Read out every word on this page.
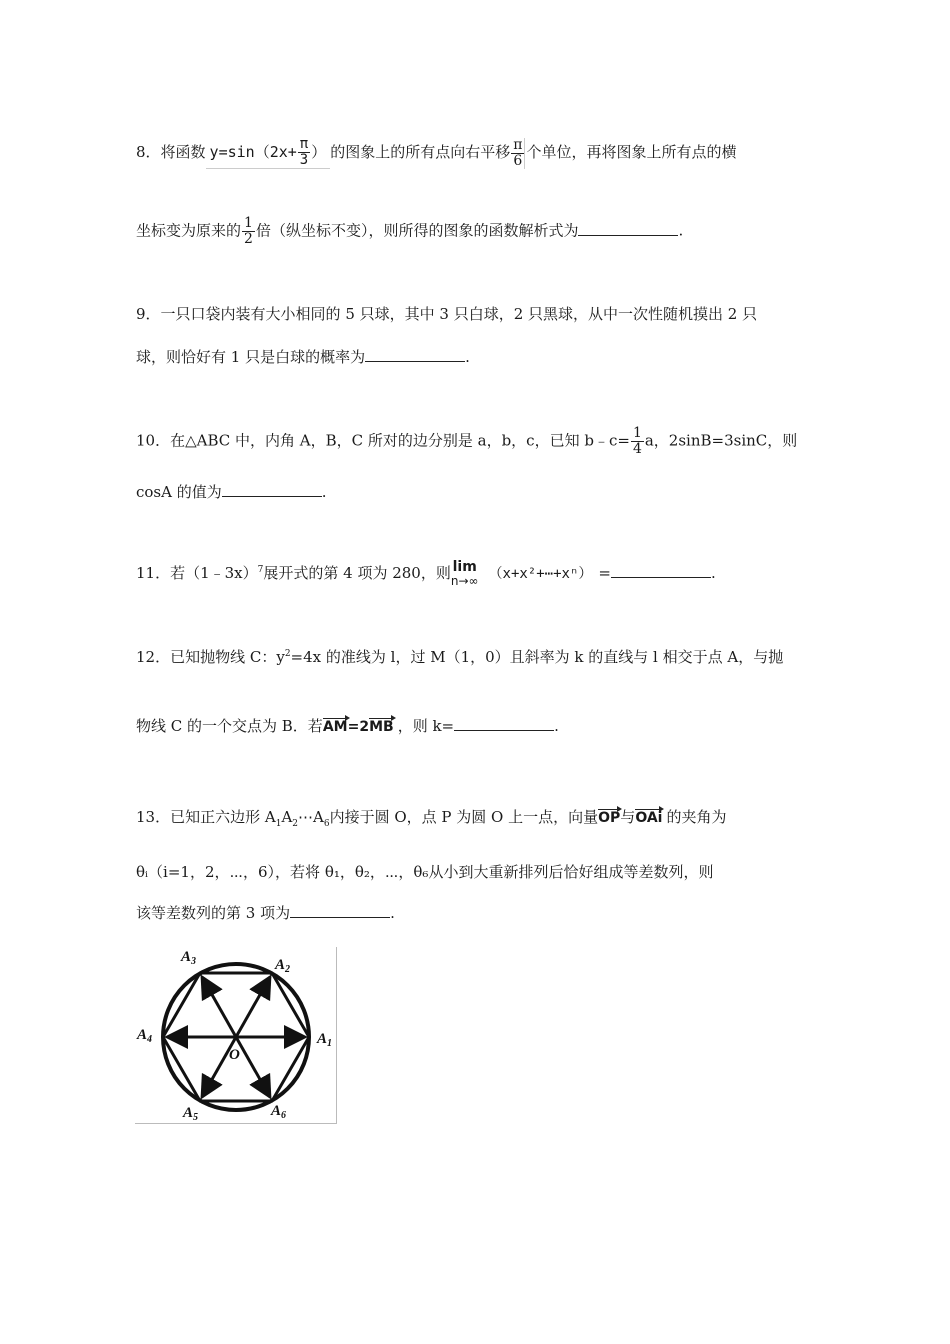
8．将函数 $y=\sin(2x+ \frac{\pi}{3}$ ） 的图象上的所有点向右平移 $\frac{\pi}{6}$ 个单位，再将图象上所有点的横
坐标变为原来的 $\frac{1}{2}$ 倍（纵坐标不变），则所得的图象的函数解析式为	.
9．一只口袋内装有大小相同的 5 只球，其中 3 只白球，2 只黑球，从中一次性随机摸出 2 只
球，则恰好有 1 只是白球的概率为	.
10．在△ABC 中，内角 A，B，C 所对的边分别是 a，b，c，已知 b﹣c= $\frac{1}{4}$ a，2sinB=3sinC，则
cosA 的值为	.
11．若（1﹣3x）$^7$展开式的第 4 项为 280，则 lim
n→∞ （x+x²+⋯+xⁿ） =	.
12．已知抛物线 C：$y^2=4x$ 的准线为 l，过 M（1，0）且斜率为 k 的直线与 l 相交于点 A，与抛
物线 C 的一个交点为 B．若AM=2MB ，则 k=	.
13．已知正六边形 $A_1A_2\cdots A_6$内接于圆 O，点 P 为圆 O 上一点，向量OP与OAi 的夹角为
θᵢ（i=1，2，⋯，6），若将 θ₁，θ₂，⋯，θ₆从小到大重新排列后恰好组成等差数列，则
该等差数列的第 3 项为	.
$A_1$
$A_2$
$A_3$
$A_4$
$A_5$	$A_6$
O
